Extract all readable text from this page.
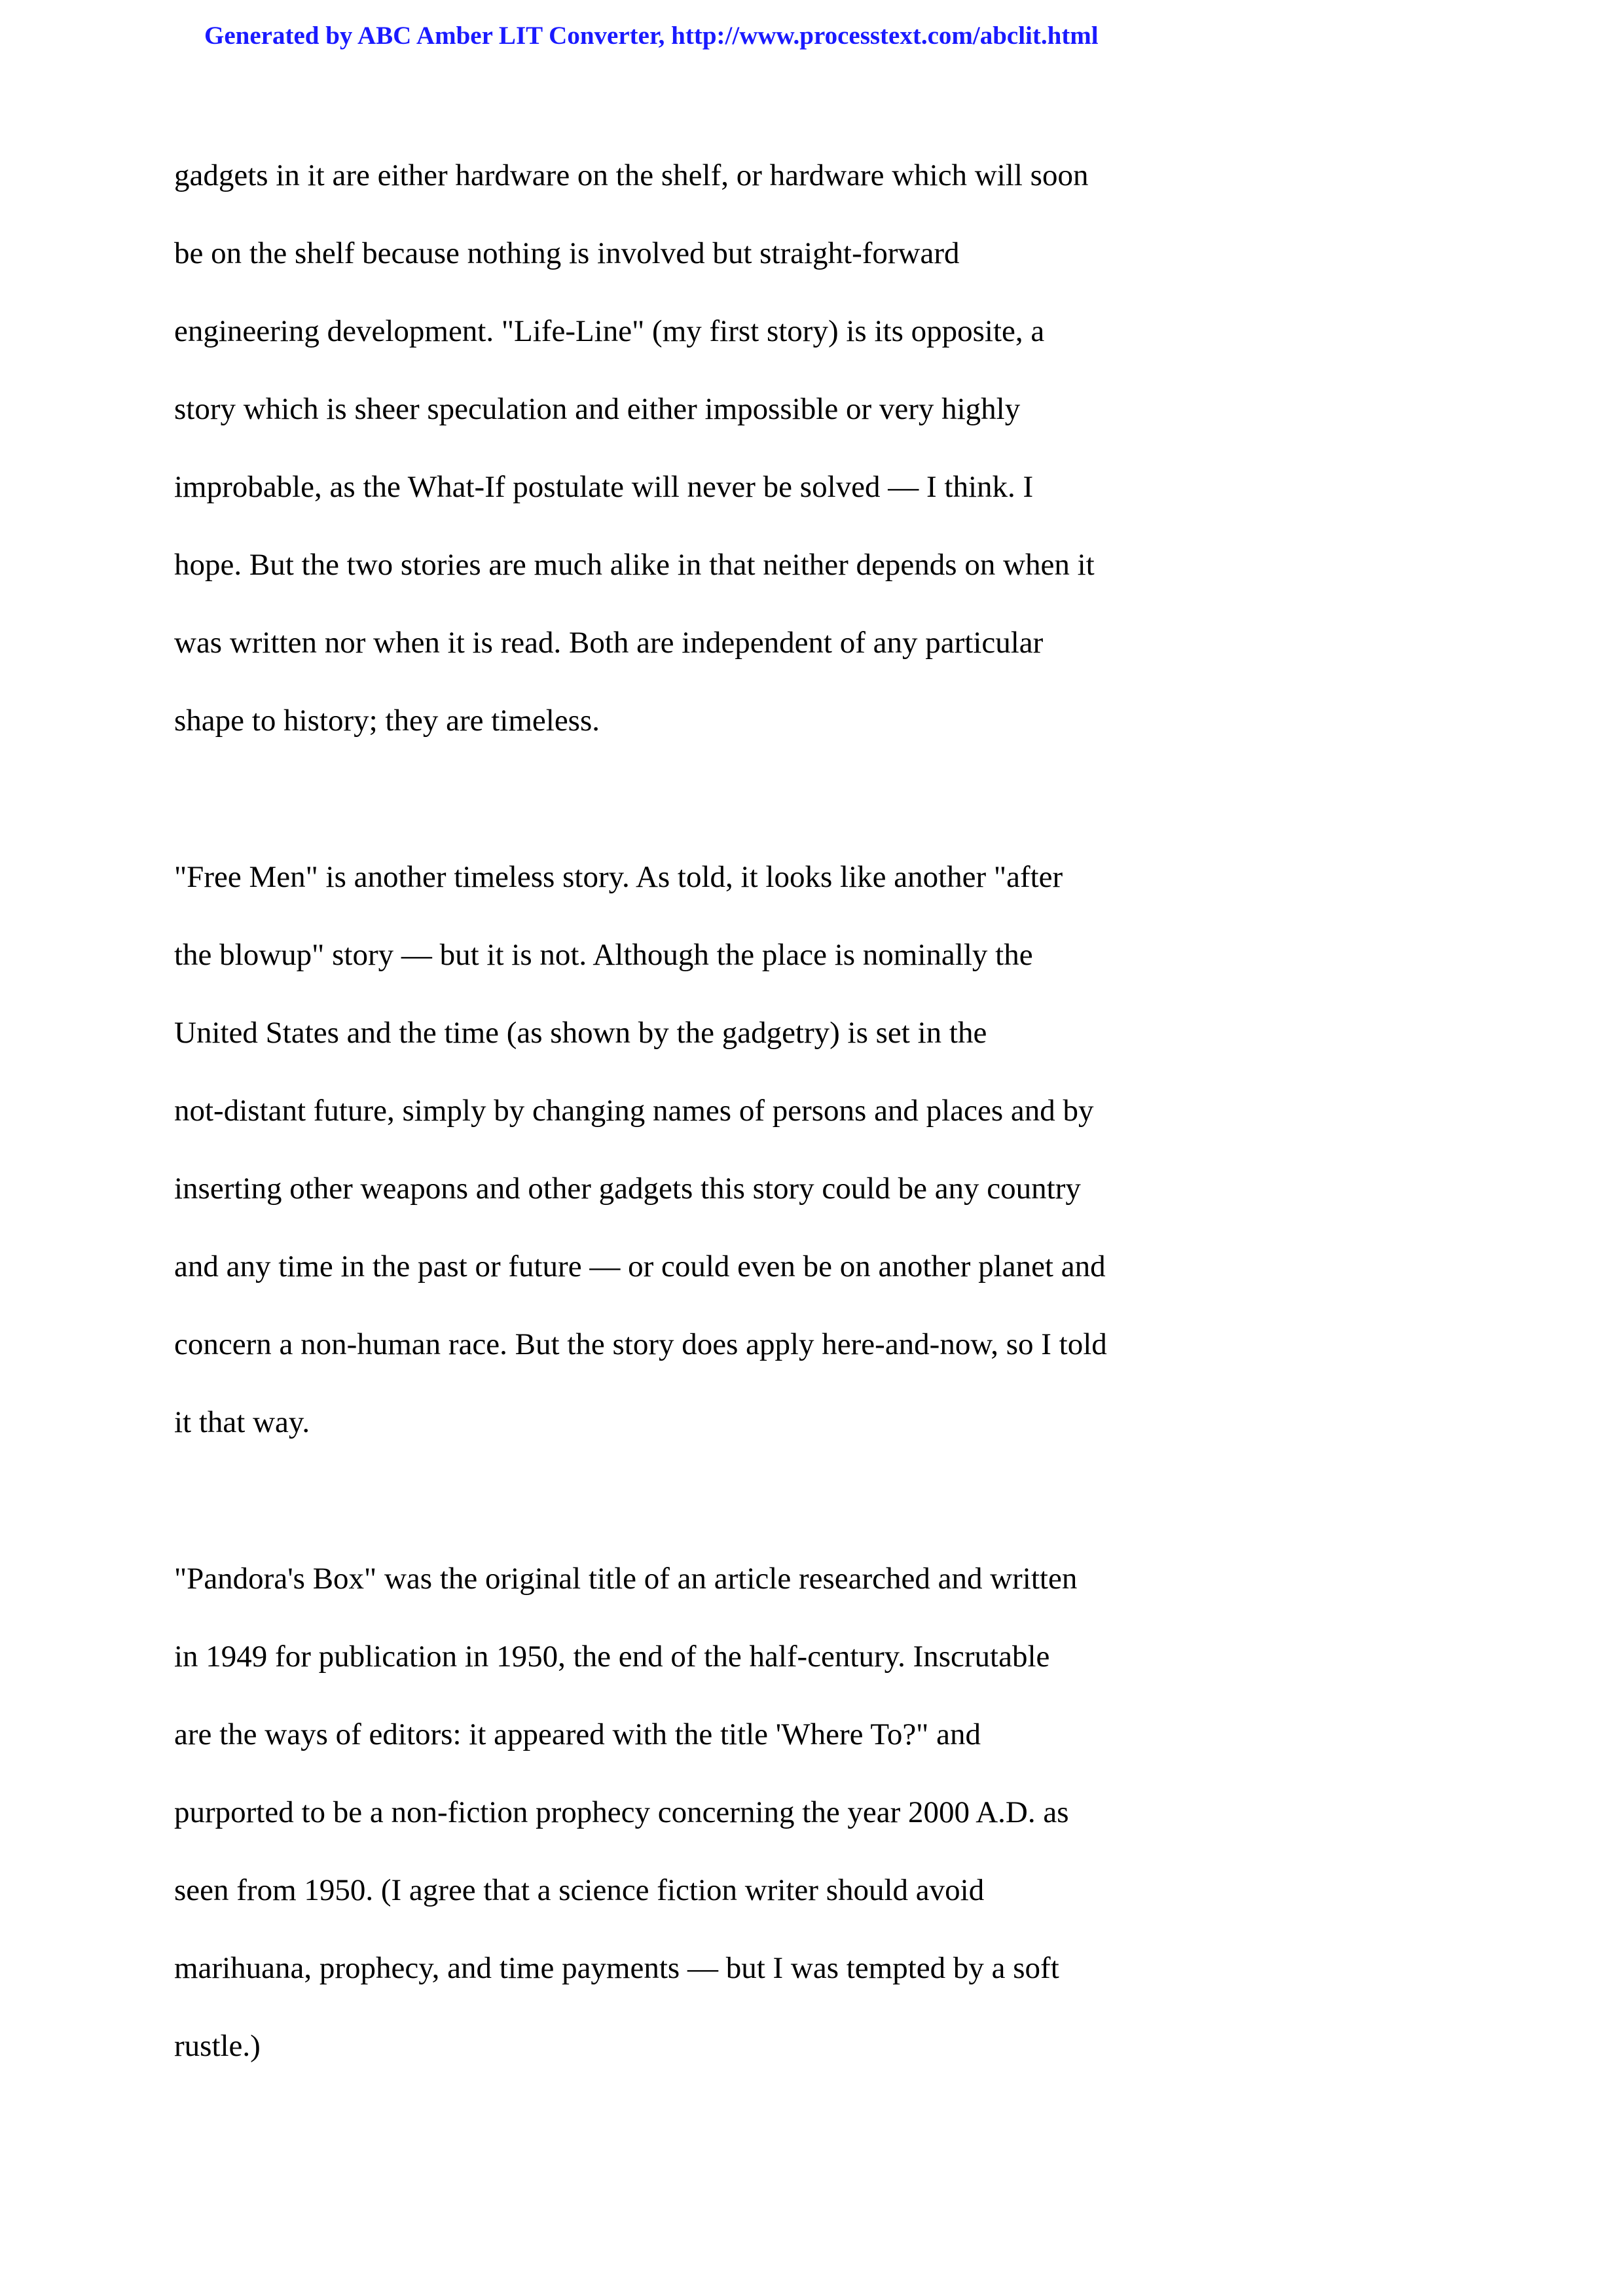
Generated by ABC Amber LIT Converter, http://www.processtext.com/abclit.html
gadgets in it are either hardware on the shelf, or hardware which will soon
be on the shelf because nothing is involved but straight-forward
engineering development. "Life-Line" (my first story) is its opposite, a
story which is sheer speculation and either impossible or very highly
improbable, as the What-If postulate will never be solved — I think. I
hope. But the two stories are much alike in that neither depends on when it
was written nor when it is read. Both are independent of any particular
shape to history; they are timeless.
"Free Men" is another timeless story. As told, it looks like another "after
the blowup" story — but it is not. Although the place is nominally the
United States and the time (as shown by the gadgetry) is set in the
not-distant future, simply by changing names of persons and places and by
inserting other weapons and other gadgets this story could be any country
and any time in the past or future — or could even be on another planet and
concern a non-human race. But the story does apply here-and-now, so I told
it that way.
"Pandora's Box" was the original title of an article researched and written
in 1949 for publication in 1950, the end of the half-century. Inscrutable
are the ways of editors: it appeared with the title 'Where To?" and
purported to be a non-fiction prophecy concerning the year 2000 A.D. as
seen from 1950. (I agree that a science fiction writer should avoid
marihuana, prophecy, and time payments — but I was tempted by a soft
rustle.)
